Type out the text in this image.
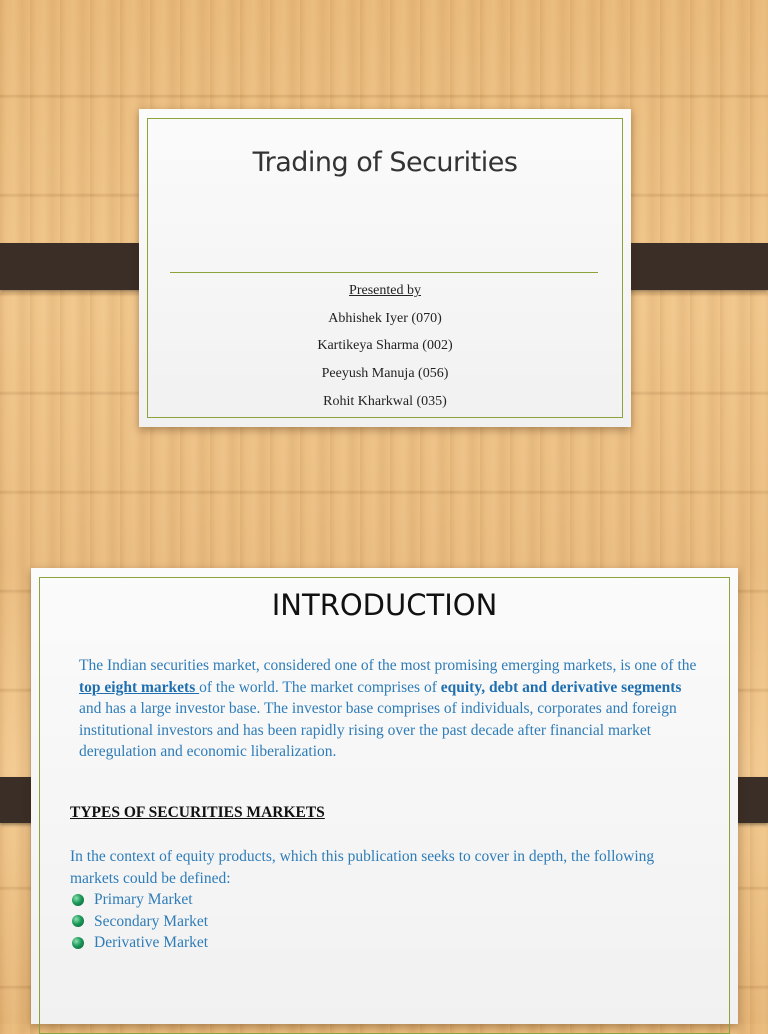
Trading of Securities
Presented by
Abhishek Iyer (070)
Kartikeya Sharma (002)
Peeyush Manuja (056)
Rohit Kharkwal (035)
INTRODUCTION
The Indian securities market, considered one of the most promising emerging markets, is one of the top eight markets of the world. The market comprises of equity, debt and derivative segments and has a large investor base. The investor base comprises of individuals, corporates and foreign institutional investors and has been rapidly rising over the past decade after financial market deregulation and economic liberalization.
TYPES OF SECURITIES MARKETS
In the context of equity products, which this publication seeks to cover in depth, the following markets could be defined:
Primary Market
Secondary Market
Derivative Market
